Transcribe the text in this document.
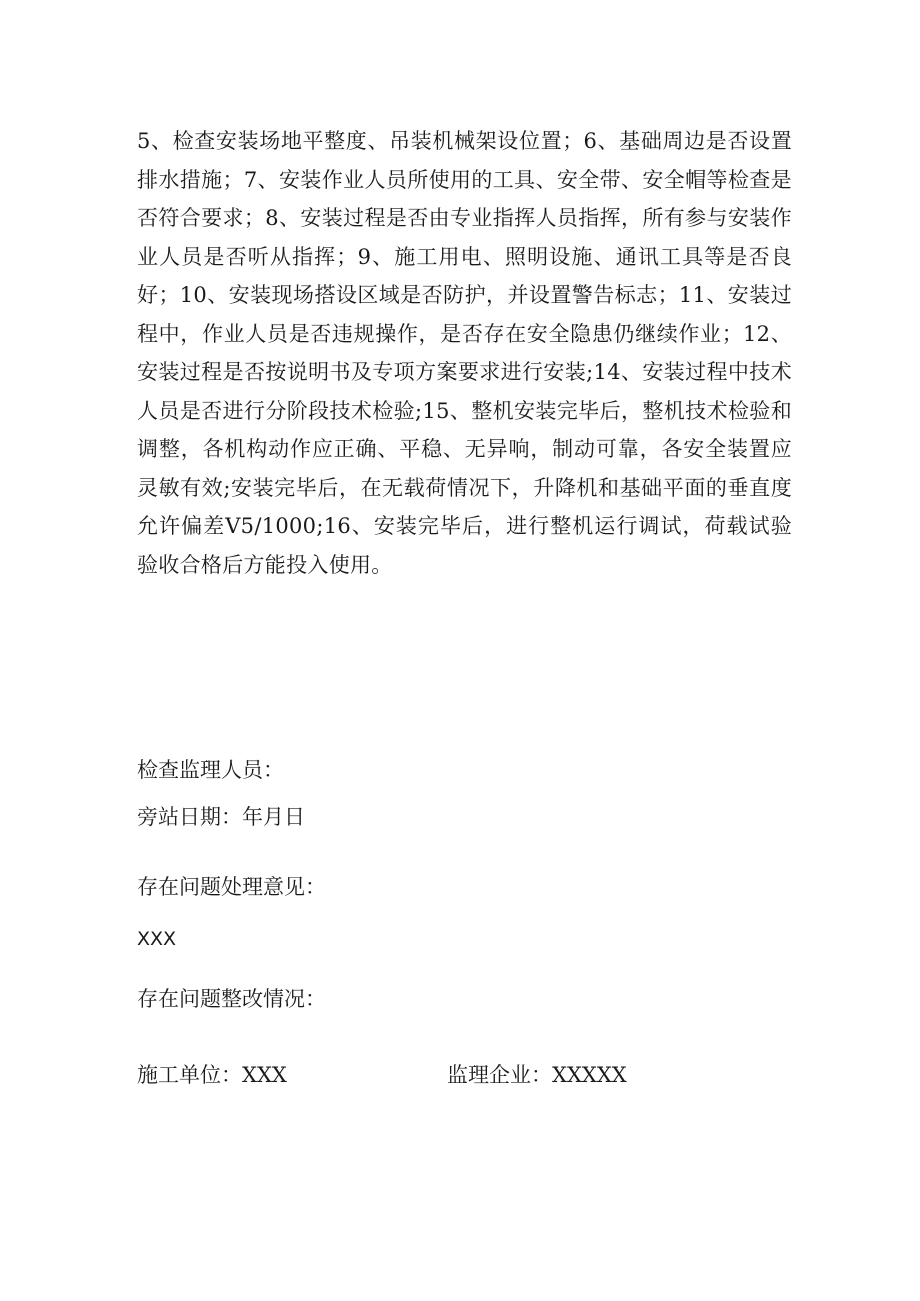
5、检查安装场地平整度、吊装机械架设位置；6、基础周边是否设置排水措施；7、安装作业人员所使用的工具、安全带、安全帽等检查是否符合要求；8、安装过程是否由专业指挥人员指挥，所有参与安装作业人员是否听从指挥；9、施工用电、照明设施、通讯工具等是否良好；10、安装现场搭设区域是否防护，并设置警告标志；11、安装过程中，作业人员是否违规操作，是否存在安全隐患仍继续作业；12、安装过程是否按说明书及专项方案要求进行安装;14、安装过程中技术人员是否进行分阶段技术检验;15、整机安装完毕后，整机技术检验和调整，各机构动作应正确、平稳、无异响，制动可靠，各安全装置应灵敏有效;安装完毕后，在无载荷情况下，升降机和基础平面的垂直度允许偏差V5/1000;16、安装完毕后，进行整机运行调试，荷载试验验收合格后方能投入使用。

检查监理人员：

旁站日期：年月日

存在问题处理意见：

XXX

存在问题整改情况：

施工单位：XXX	监理企业：XXXXX
